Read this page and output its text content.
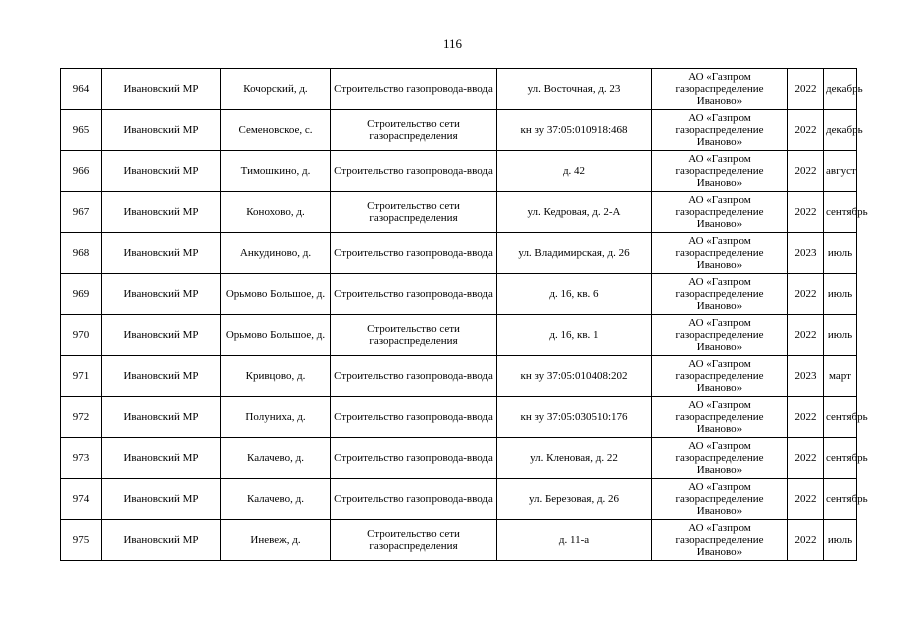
116
964	Ивановский МР	Кочорский, д.	Строительство газопровода-ввода	ул. Восточная, д. 23	АО «Газпром газораспределение Иваново»	2022	декабрь
965	Ивановский МР	Семеновское, с.	Строительство сети газораспределения	кн зу 37:05:010918:468	АО «Газпром газораспределение Иваново»	2022	декабрь
966	Ивановский МР	Тимошкино, д.	Строительство газопровода-ввода	д. 42	АО «Газпром газораспределение Иваново»	2022	август
967	Ивановский МР	Конохово, д.	Строительство сети газораспределения	ул. Кедровая, д. 2-А	АО «Газпром газораспределение Иваново»	2022	сентябрь
968	Ивановский МР	Анкудиново, д.	Строительство газопровода-ввода	ул. Владимирская, д. 26	АО «Газпром газораспределение Иваново»	2023	июль
969	Ивановский МР	Орьмово Большое, д.	Строительство газопровода-ввода	д. 16, кв. 6	АО «Газпром газораспределение Иваново»	2022	июль
970	Ивановский МР	Орьмово Большое, д.	Строительство сети газораспределения	д. 16, кв. 1	АО «Газпром газораспределение Иваново»	2022	июль
971	Ивановский МР	Кривцово, д.	Строительство газопровода-ввода	кн зу 37:05:010408:202	АО «Газпром газораспределение Иваново»	2023	март
972	Ивановский МР	Полуниха, д.	Строительство газопровода-ввода	кн зу 37:05:030510:176	АО «Газпром газораспределение Иваново»	2022	сентябрь
973	Ивановский МР	Калачево, д.	Строительство газопровода-ввода	ул. Кленовая, д. 22	АО «Газпром газораспределение Иваново»	2022	сентябрь
974	Ивановский МР	Калачево, д.	Строительство газопровода-ввода	ул. Березовая, д. 26	АО «Газпром газораспределение Иваново»	2022	сентябрь
975	Ивановский МР	Иневеж, д.	Строительство сети газораспределения	д. 11-а	АО «Газпром газораспределение Иваново»	2022	июль
